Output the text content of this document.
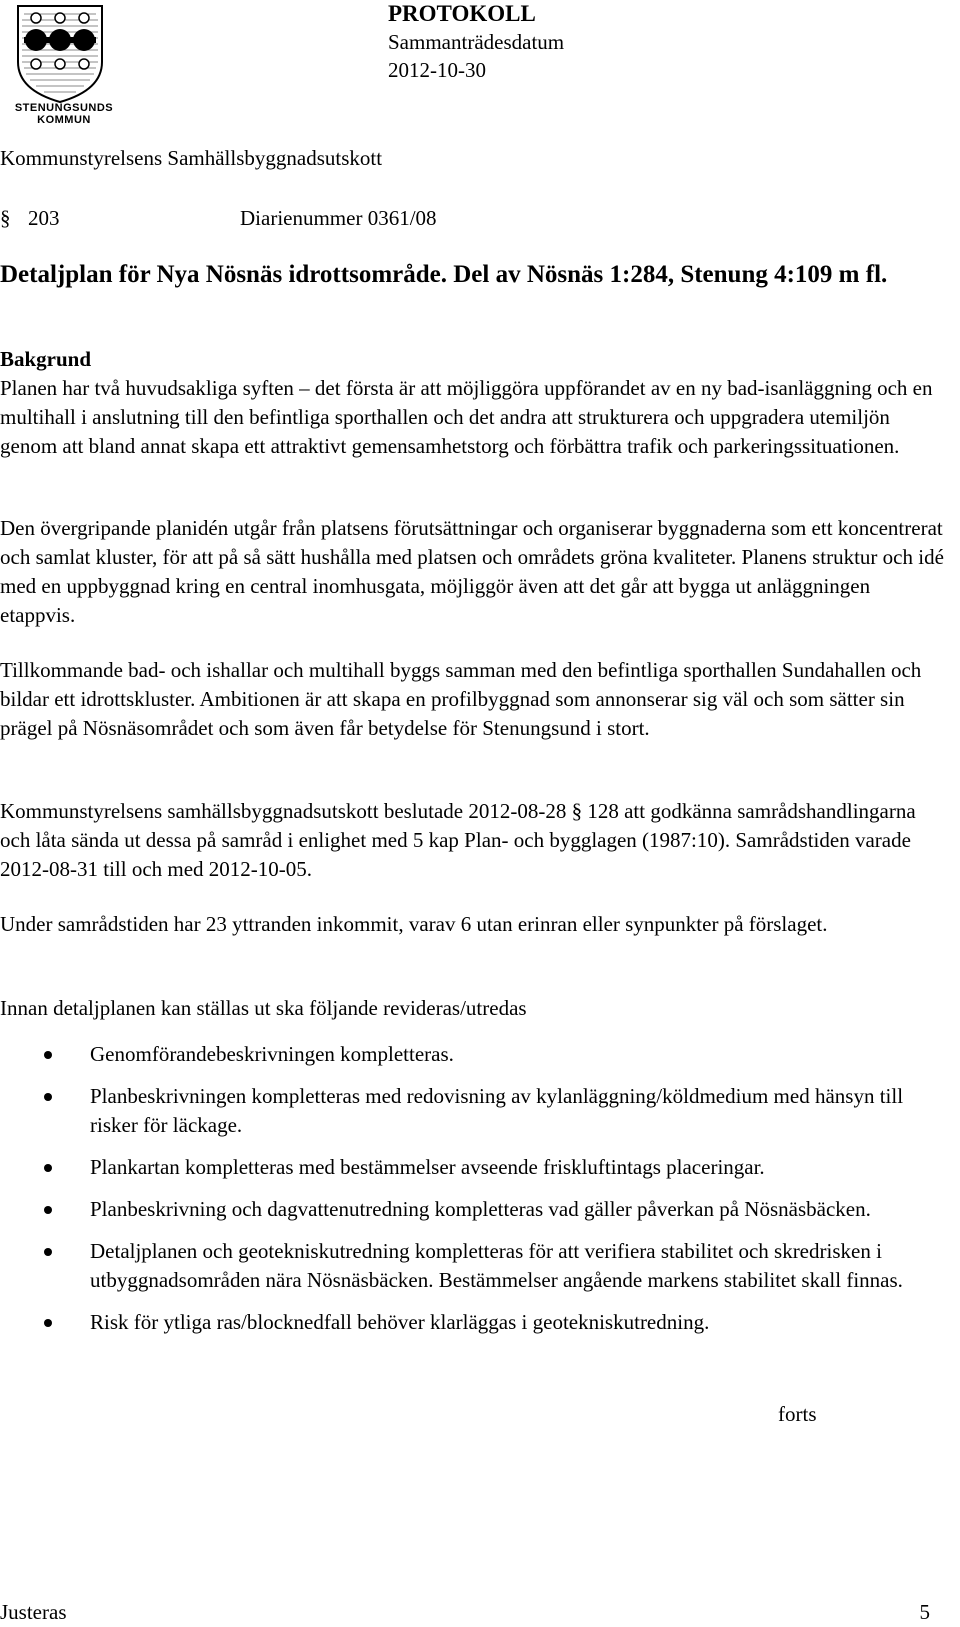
STENUNGSUNDS
KOMMUN
PROTOKOLL
Sammanträdesdatum
2012-10-30
Kommunstyrelsens Samhällsbyggnadsutskott
§ 203	Diarienummer 0361/08
Detaljplan för Nya Nösnäs idrottsområde. Del av Nösnäs 1:284, Stenung 4:109 m fl.

Bakgrund

Planen har två huvudsakliga syften – det första är att möjliggöra uppförandet av en ny bad-isanläggning och en multihall i anslutning till den befintliga sporthallen och det andra att strukturera och uppgradera utemiljön genom att bland annat skapa ett attraktivt gemensamhetstorg och förbättra trafik och parkeringssituationen.

Den övergripande planidén utgår från platsens förutsättningar och organiserar byggnaderna som ett koncentrerat och samlat kluster, för att på så sätt hushålla med platsen och områdets gröna kvaliteter. Planens struktur och idé med en uppbyggnad kring en central inomhusgata, möjliggör även att det går att bygga ut anläggningen etappvis.

Tillkommande bad- och ishallar och multihall byggs samman med den befintliga sporthallen Sundahallen och bildar ett idrottskluster. Ambitionen är att skapa en profilbyggnad som annonserar sig väl och som sätter sin prägel på Nösnäsområdet och som även får betydelse för Stenungsund i stort.

Kommunstyrelsens samhällsbyggnadsutskott beslutade 2012-08-28 § 128 att godkänna samrådshandlingarna och låta sända ut dessa på samråd i enlighet med 5 kap Plan- och bygglagen (1987:10). Samrådstiden varade 2012-08-31 till och med 2012-10-05.

Under samrådstiden har 23 yttranden inkommit, varav 6 utan erinran eller synpunkter på förslaget.

Innan detaljplanen kan ställas ut ska följande revideras/utredas

Genomförandebeskrivningen kompletteras.
Planbeskrivningen kompletteras med redovisning av kylanläggning/köldmedium med hänsyn till risker för läckage.
Plankartan kompletteras med bestämmelser avseende friskluftintags placeringar.
Planbeskrivning och dagvattenutredning kompletteras vad gäller påverkan på Nösnäsbäcken.
Detaljplanen och geotekniskutredning kompletteras för att verifiera stabilitet och skredrisken i utbyggnadsområden nära Nösnäsbäcken. Bestämmelser angående markens stabilitet skall finnas.
Risk för ytliga ras/blocknedfall behöver klarläggas i geotekniskutredning.
forts
Justeras	5
